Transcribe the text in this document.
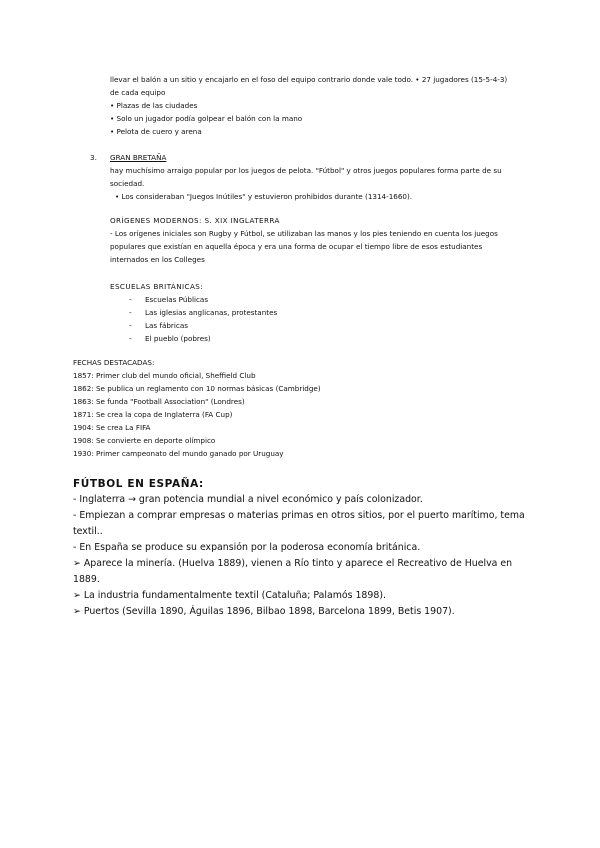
llevar el balón a un sitio y encajarlo en el foso del equipo contrario donde vale todo. • 27 jugadores (15-5-4-3)
de cada equipo
• Plazas de las ciudades
• Solo un jugador podía golpear el balón con la mano
• Pelota de cuero y arena
3. GRAN BRETAÑA
hay muchísimo arraigo popular por los juegos de pelota. "Fútbol" y otros juegos populares forma parte de su
sociedad.
• Los consideraban "Juegos Inútiles" y estuvieron prohibidos durante (1314-1660).
ORÍGENES MODERNOS: S. XIX INGLATERRA
- Los orígenes iniciales son Rugby y Fútbol, se utilizaban las manos y los pies teniendo en cuenta los juegos
populares que existían en aquella época y era una forma de ocupar el tiempo libre de esos estudiantes
internados en los Colleges
ESCUELAS BRITÁNICAS:
- Escuelas Públicas
- Las iglesias anglicanas, protestantes
- Las fábricas
- El pueblo (pobres)
FECHAS DESTACADAS:
1857: Primer club del mundo oficial, Sheffield Club
1862: Se publica un reglamento con 10 normas básicas (Cambridge)
1863: Se funda "Football Association" (Londres)
1871: Se crea la copa de Inglaterra (FA Cup)
1904: Se crea La FIFA
1908: Se convierte en deporte olímpico
1930: Primer campeonato del mundo ganado por Uruguay
FÚTBOL EN ESPAÑA:
- Inglaterra → gran potencia mundial a nivel económico y país colonizador.
- Empiezan a comprar empresas o materias primas en otros sitios, por el puerto marítimo, tema
textil..
- En España se produce su expansión por la poderosa economía británica.
➢ Aparece la minería. (Huelva 1889), vienen a Río tinto y aparece el Recreativo de Huelva en
1889.
➢ La industria fundamentalmente textil (Cataluña; Palamós 1898).
➢ Puertos (Sevilla 1890, Águilas 1896, Bilbao 1898, Barcelona 1899, Betis 1907).
